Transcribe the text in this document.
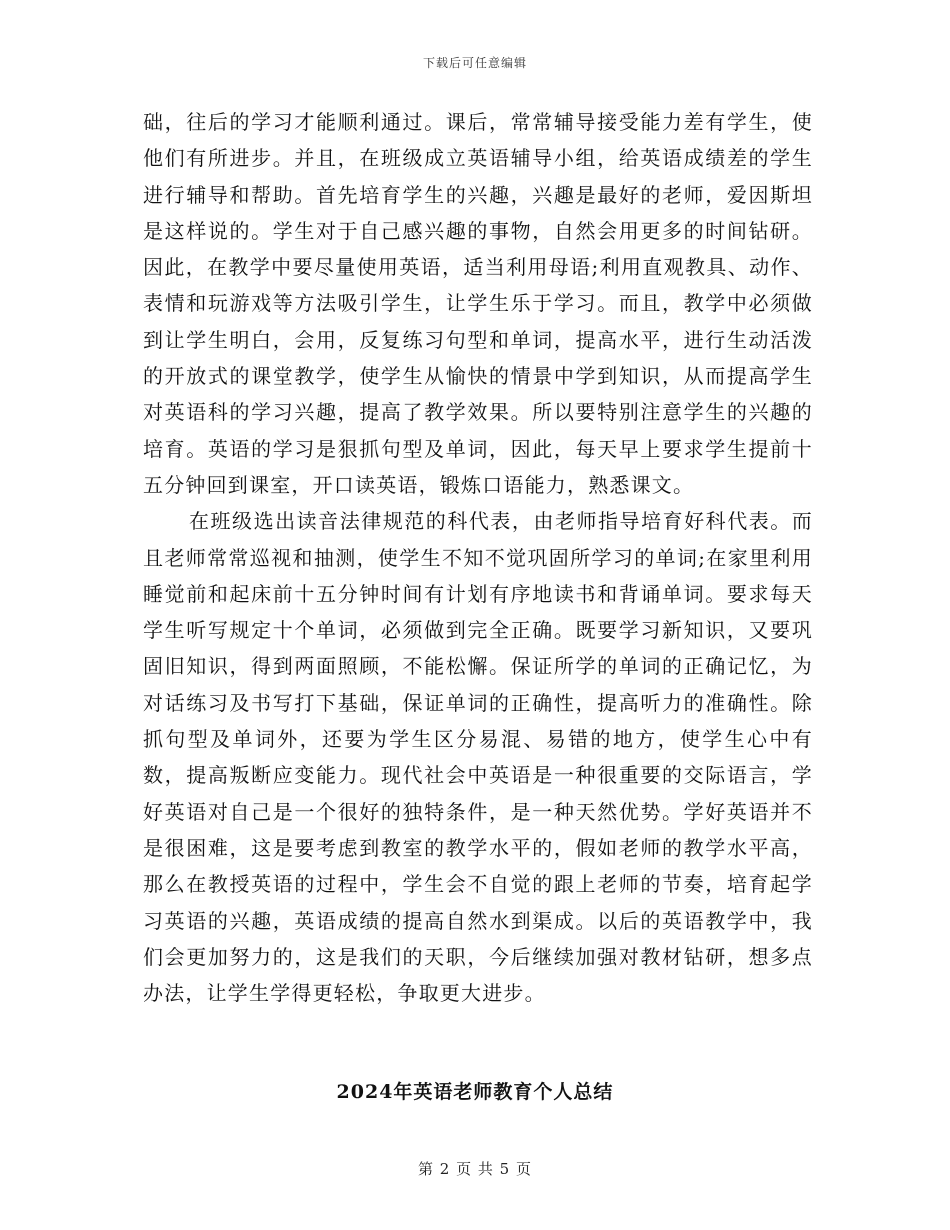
下载后可任意编辑

础，往后的学习才能顺利通过。课后，常常辅导接受能力差有学生，使他们有所进步。并且，在班级成立英语辅导小组，给英语成绩差的学生进行辅导和帮助。首先培育学生的兴趣，兴趣是最好的老师，爱因斯坦是这样说的。学生对于自己感兴趣的事物，自然会用更多的时间钻研。因此，在教学中要尽量使用英语，适当利用母语;利用直观教具、动作、表情和玩游戏等方法吸引学生，让学生乐于学习。而且，教学中必须做到让学生明白，会用，反复练习句型和单词，提高水平，进行生动活泼的开放式的课堂教学，使学生从愉快的情景中学到知识，从而提高学生对英语科的学习兴趣，提高了教学效果。所以要特别注意学生的兴趣的培育。英语的学习是狠抓句型及单词，因此，每天早上要求学生提前十五分钟回到课室，开口读英语，锻炼口语能力，熟悉课文。

在班级选出读音法律规范的科代表，由老师指导培育好科代表。而且老师常常巡视和抽测，使学生不知不觉巩固所学习的单词;在家里利用睡觉前和起床前十五分钟时间有计划有序地读书和背诵单词。要求每天学生听写规定十个单词，必须做到完全正确。既要学习新知识，又要巩固旧知识，得到两面照顾，不能松懈。保证所学的单词的正确记忆，为对话练习及书写打下基础，保证单词的正确性，提高听力的准确性。除抓句型及单词外，还要为学生区分易混、易错的地方，使学生心中有数，提高叛断应变能力。现代社会中英语是一种很重要的交际语言，学好英语对自己是一个很好的独特条件，是一种天然优势。学好英语并不是很困难，这是要考虑到教室的教学水平的，假如老师的教学水平高，那么在教授英语的过程中，学生会不自觉的跟上老师的节奏，培育起学习英语的兴趣，英语成绩的提高自然水到渠成。以后的英语教学中，我们会更加努力的，这是我们的天职，今后继续加强对教材钻研，想多点办法，让学生学得更轻松，争取更大进步。

2024年英语老师教育个人总结
第 2 页 共 5 页
